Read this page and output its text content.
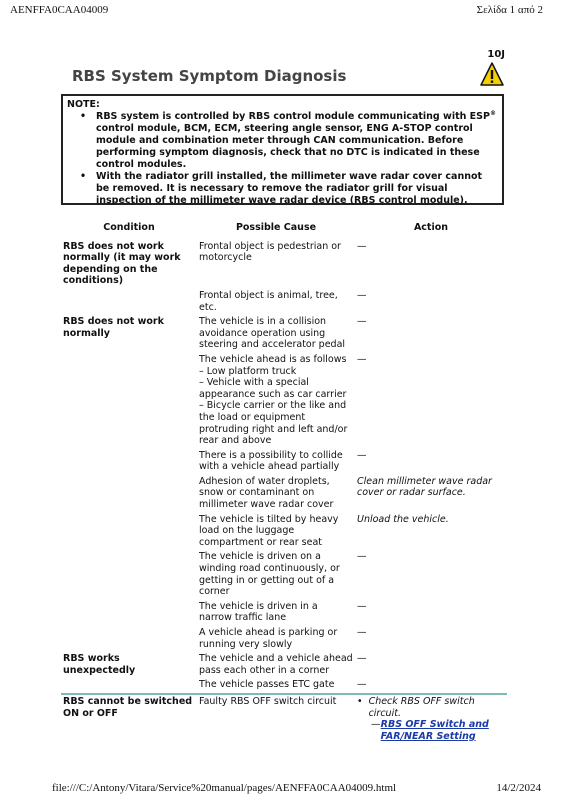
AENFFA0CAA04009	Σελίδα 1 από 2
10J
RBS System Symptom Diagnosis
NOTE:
• RBS system is controlled by RBS control module communicating with ESP® control module, BCM, ECM, steering angle sensor, ENG A-STOP control module and combination meter through CAN communication. Before performing symptom diagnosis, check that no DTC is indicated in these control modules.
• With the radiator grill installed, the millimeter wave radar cover cannot be removed. It is necessary to remove the radiator grill for visual inspection of the millimeter wave radar device (RBS control module).
Condition	Possible Cause	Action
RBS does not work normally (it may work depending on the conditions)	Frontal object is pedestrian or motorcycle	—
	Frontal object is animal, tree, etc.	—
RBS does not work normally	The vehicle is in a collision avoidance operation using steering and accelerator pedal	—

	The vehicle ahead is as follows
– Low platform truck
– Vehicle with a special appearance such as car carrier
– Bicycle carrier or the like and the load or equipment protruding right and left and/or rear and above	—
	There is a possibility to collide with a vehicle ahead partially	—
	Adhesion of water droplets, snow or contaminant on millimeter wave radar cover	Clean millimeter wave radar cover or radar surface.
	The vehicle is tilted by heavy load on the luggage compartment or rear seat	Unload the vehicle.
	The vehicle is driven on a winding road continuously, or getting in or getting out of a corner	—
	The vehicle is driven in a narrow traffic lane	—
	A vehicle ahead is parking or running very slowly	—
RBS works unexpectedly	The vehicle and a vehicle ahead pass each other in a corner	—
	The vehicle passes ETC gate	—
RBS cannot be switched ON or OFF	Faulty RBS OFF switch circuit	• Check RBS OFF switch circuit.
— RBS OFF Switch and FAR/NEAR Setting
file:///C:/Antony/Vitara/Service%20manual/pages/AENFFA0CAA04009.html	14/2/2024
